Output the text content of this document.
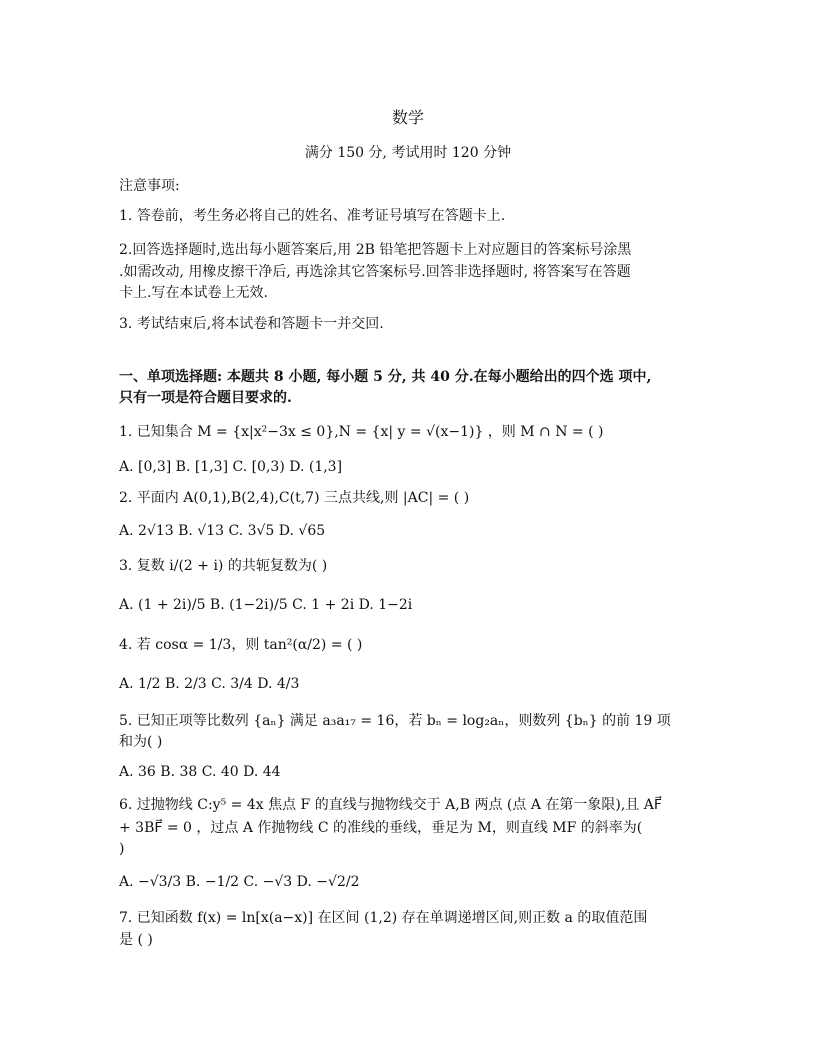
数学
满分 150 分, 考试用时 120 分钟
注意事项:
1. 答卷前，考生务必将自己的姓名、准考证号填写在答题卡上.
2.回答选择题时,选出每小题答案后,用 2B 铅笔把答题卡上对应题目的答案标号涂黑
.如需改动, 用橡皮擦干净后, 再选涂其它答案标号.回答非选择题时, 将答案写在答题
卡上.写在本试卷上无效.
3. 考试结束后,将本试卷和答题卡一并交回.
一、单项选择题: 本题共 8 小题, 每小题 5 分, 共 40 分.在每小题给出的四个选 项中,
只有一项是符合题目要求的.
1. 已知集合 M = {x|x²−3x ≤ 0},N = {x| y = √(x−1)} ，则 M ∩ N = ( )
A. [0,3] B. [1,3] C. [0,3) D. (1,3]
2. 平面内 A(0,1),B(2,4),C(t,7) 三点共线,则 |AC| = ( )
A. 2√13 B. √13 C. 3√5 D. √65
3. 复数 i/(2 + i) 的共轭复数为( )
A. (1 + 2i)/5 B. (1−2i)/5 C. 1 + 2i D. 1−2i
4. 若 cosα = 1/3，则 tan²(α/2) = ( )
A. 1/2 B. 2/3 C. 3/4 D. 4/3
5. 已知正项等比数列 {aₙ} 满足 a₃a₁₇ = 16，若 bₙ = log₂aₙ，则数列 {bₙ} 的前 19 项
和为( )
A. 36 B. 38 C. 40 D. 44
6. 过抛物线 C:y⁵ = 4x 焦点 F 的直线与抛物线交于 A,B 两点 (点 A 在第一象限),且 AF⃗
+ 3BF⃗ = 0 ，过点 A 作抛物线 C 的准线的垂线，垂足为 M，则直线 MF 的斜率为(
)
A. −√3/3 B. −1/2 C. −√3 D. −√2/2
7. 已知函数 f(x) = ln[x(a−x)] 在区间 (1,2) 存在单调递增区间,则正数 a 的取值范围
是 ( )
